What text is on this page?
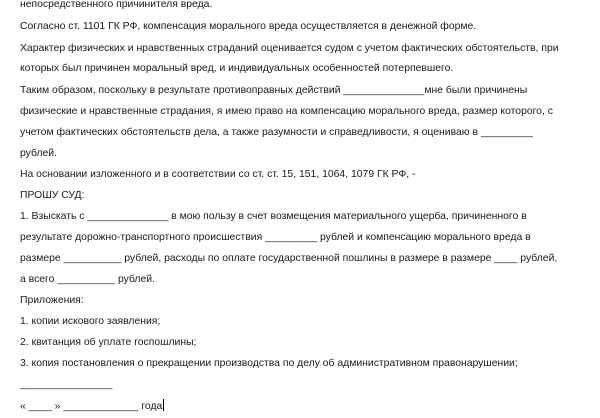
непосредственного причинителя вреда.
Согласно ст. 1101 ГК РФ, компенсация морального вреда осуществляется в денежной форме.
Характер физических и нравственных страданий оценивается судом с учетом фактических обстоятельств, при
которых был причинен моральный вред, и индивидуальных особенностей потерпевшего.
Таким образом, поскольку в результате противоправных действий ______________мне были причинены
физические и нравственные страдания, я имею право на компенсацию морального вреда, размер которого, с
учетом фактических обстоятельств дела, а также разумности и справедливости, я оцениваю в _________
рублей.
На основании изложенного и в соответствии со ст. ст. 15, 151, 1064, 1079 ГК РФ, -
ПРОШУ СУД:
1. Взыскать с ______________ в мою пользу в счет возмещения материального ущерба, причиненного в
результате дорожно-транспортного происшествия _________ рублей и компенсацию морального вреда в
размере __________ рублей, расходы по оплате государственной пошлины в размере в размере ____ рублей,
а всего __________ рублей.
Приложения:
1. копии искового заявления;
2. квитанция об уплате госпошлины;
3. копия постановления о прекращении производства по делу об административном правонарушении;
________________
« ____ » _____________ года
